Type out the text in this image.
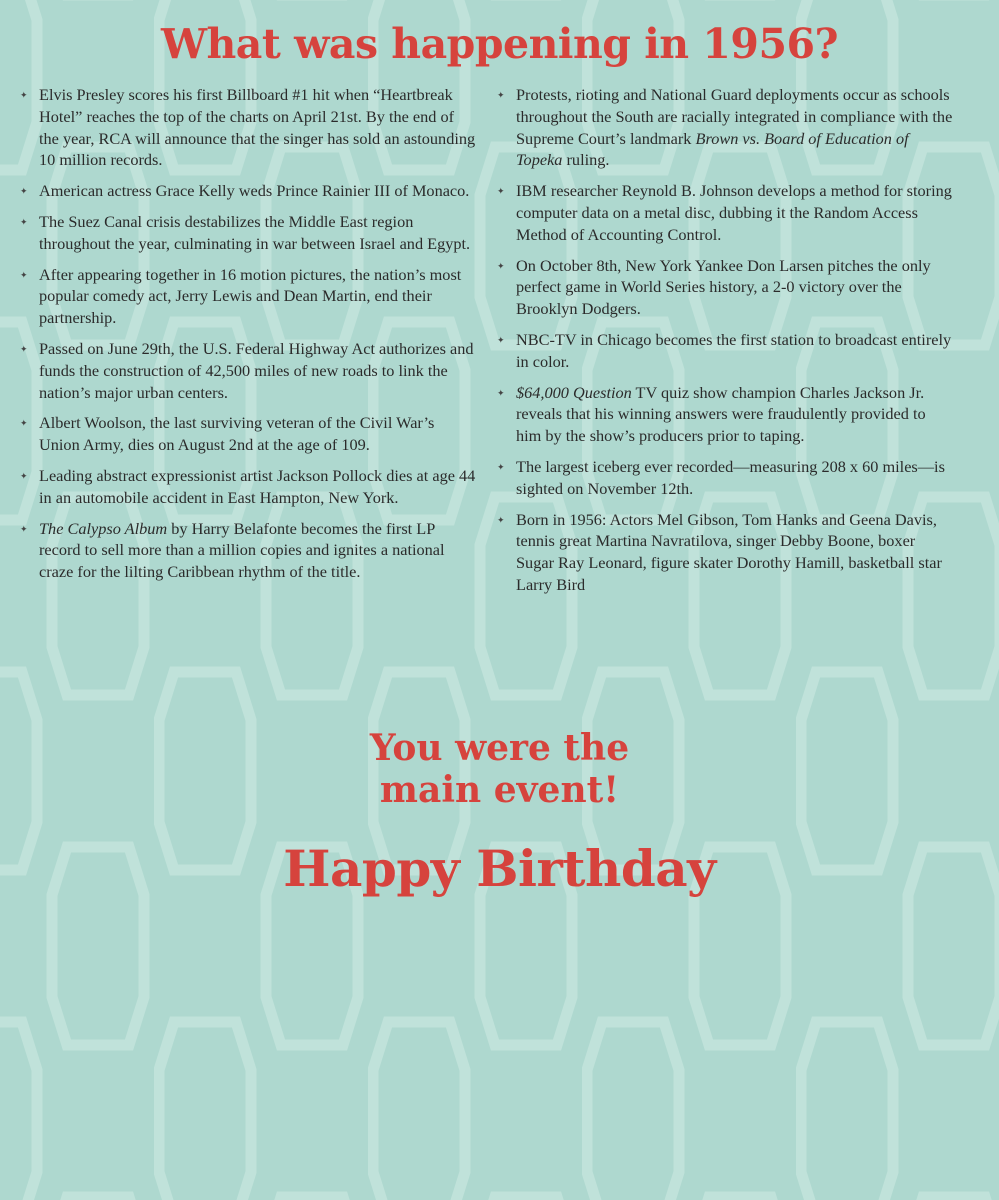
What was happening in 1956?
✦
Elvis Presley scores his first Billboard #1 hit when “Heartbreak Hotel” reaches the top of the charts on April 21st. By the end of the year, RCA will announce that the singer has sold an astounding 10 million records.
✦
American actress Grace Kelly weds Prince Rainier III of Monaco.
✦
The Suez Canal crisis destabilizes the Middle East region throughout the year, culminating in war between Israel and Egypt.
✦
After appearing together in 16 motion pictures, the nation’s most popular comedy act, Jerry Lewis and Dean Martin, end their partnership.
✦
Passed on June 29th, the U.S. Federal Highway Act authorizes and funds the construction of 42,500 miles of new roads to link the nation’s major urban centers.
✦
Albert Woolson, the last surviving veteran of the Civil War’s Union Army, dies on August 2nd at the age of 109.
✦
Leading abstract expressionist artist Jackson Pollock dies at age 44 in an automobile accident in East Hampton, New York.
✦
The Calypso Album by Harry Belafonte becomes the first LP record to sell more than a million copies and ignites a national craze for the lilting Caribbean rhythm of the title.
✦
Protests, rioting and National Guard deployments occur as schools throughout the South are racially integrated in compliance with the Supreme Court’s landmark Brown vs. Board of Education of Topeka ruling.
✦
IBM researcher Reynold B. Johnson develops a method for storing computer data on a metal disc, dubbing it the Random Access Method of Accounting Control.
✦
On October 8th, New York Yankee Don Larsen pitches the only perfect game in World Series history, a 2-0 victory over the Brooklyn Dodgers.
✦
NBC-TV in Chicago becomes the first station to broadcast entirely in color.
✦
$64,000 Question TV quiz show champion Charles Jackson Jr. reveals that his winning answers were fraudulently provided to him by the show’s producers prior to taping.
✦
The largest iceberg ever recorded—measuring 208 x 60 miles—is sighted on November 12th.
✦
Born in 1956: Actors Mel Gibson, Tom Hanks and Geena Davis, tennis great Martina Navratilova, singer Debby Boone, boxer Sugar Ray Leonard, figure skater Dorothy Hamill, basketball star Larry Bird
You were the
main event!
Happy Birthday
